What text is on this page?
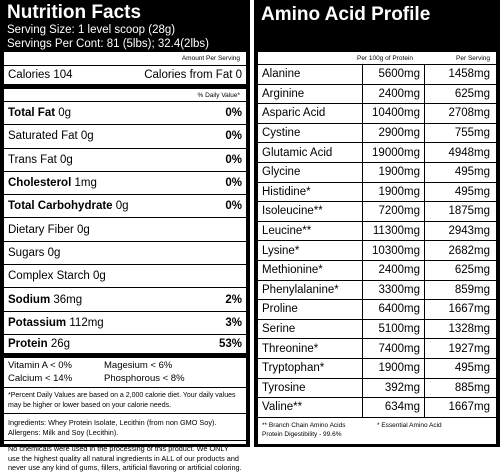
Nutrition Facts
Serving Size: 1 level scoop (28g)
Servings Per Cont: 81 (5lbs); 32.4(2lbs)
Amount Per Serving
Calories 104	Calories from Fat 0
% Daily Value*
Total Fat 0g	0%
Saturated Fat 0g	0%
Trans Fat 0g	0%
Cholesterol 1mg	0%
Total Carbohydrate 0g	0%
Dietary Fiber 0g
Sugars 0g
Complex Starch 0g
Sodium 36mg	2%
Potassium 112mg	3%
Protein 26g	53%
Vitamin A < 0%	Magesium < 6%
Calcium < 14%	Phosphorous < 8%
*Percent Daily Values are based on a 2,000 calorie diet. Your daily values may be higher or lower based on your calorie needs.
Ingredients: Whey Protein Isolate, Lecithin (from non GMO Soy). Allergens: Milk and Soy (Lecithin).
No chemicals were used in the processing of this product. We ONLY use the highest quality all natural ingredients in ALL of our products and never use any kind of gums, fillers, artificial flavoring or artificial coloring.
Amino Acid Profile
Per 100g of Protein	Per Serving
Alanine	5600mg	1458mg
Arginine	2400mg	625mg
Asparic Acid	10400mg	2708mg
Cystine	2900mg	755mg
Glutamic Acid	19000mg	4948mg
Glycine	1900mg	495mg
Histidine*	1900mg	495mg
Isoleucine**	7200mg	1875mg
Leucine**	11300mg	2943mg
Lysine*	10300mg	2682mg
Methionine*	2400mg	625mg
Phenylalanine*	3300mg	859mg
Proline	6400mg	1667mg
Serine	5100mg	1328mg
Threonine*	7400mg	1927mg
Tryptophan*	1900mg	495mg
Tyrosine	392mg	885mg
Valine**	634mg	1667mg
** Branch Chain Amino Acids
Protein Digestibility - 99.6%
* Essential Amino Acid
